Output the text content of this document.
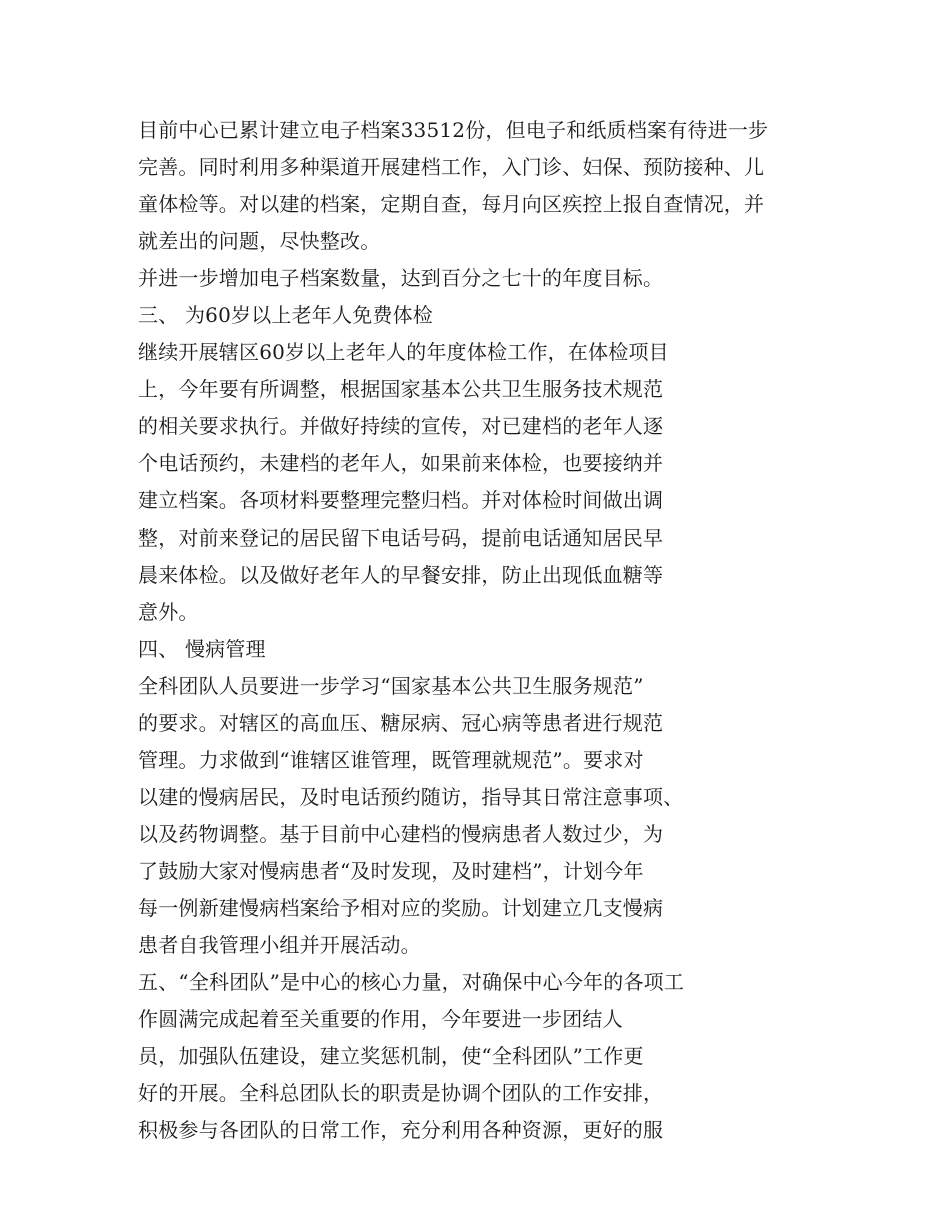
目前中心已累计建立电子档案33512份，但电子和纸质档案有待进一步
完善。同时利用多种渠道开展建档工作，入门诊、妇保、预防接种、儿
童体检等。对以建的档案，定期自查，每月向区疾控上报自查情况，并
就差出的问题，尽快整改。
并进一步增加电子档案数量，达到百分之七十的年度目标。
三、 为60岁以上老年人免费体检
继续开展辖区60岁以上老年人的年度体检工作，在体检项目
上，今年要有所调整，根据国家基本公共卫生服务技术规范
的相关要求执行。并做好持续的宣传，对已建档的老年人逐
个电话预约，未建档的老年人，如果前来体检，也要接纳并
建立档案。各项材料要整理完整归档。并对体检时间做出调
整，对前来登记的居民留下电话号码，提前电话通知居民早
晨来体检。以及做好老年人的早餐安排，防止出现低血糖等
意外。
四、 慢病管理
全科团队人员要进一步学习“国家基本公共卫生服务规范”
的要求。对辖区的高血压、糖尿病、冠心病等患者进行规范
管理。力求做到“谁辖区谁管理，既管理就规范”。要求对
以建的慢病居民，及时电话预约随访，指导其日常注意事项、
以及药物调整。基于目前中心建档的慢病患者人数过少，为
了鼓励大家对慢病患者“及时发现，及时建档”，计划今年
每一例新建慢病档案给予相对应的奖励。计划建立几支慢病
患者自我管理小组并开展活动。
五、“全科团队”是中心的核心力量，对确保中心今年的各项工
作圆满完成起着至关重要的作用，今年要进一步团结人
员，加强队伍建设，建立奖惩机制，使“全科团队”工作更
好的开展。全科总团队长的职责是协调个团队的工作安排，
积极参与各团队的日常工作，充分利用各种资源，更好的服
